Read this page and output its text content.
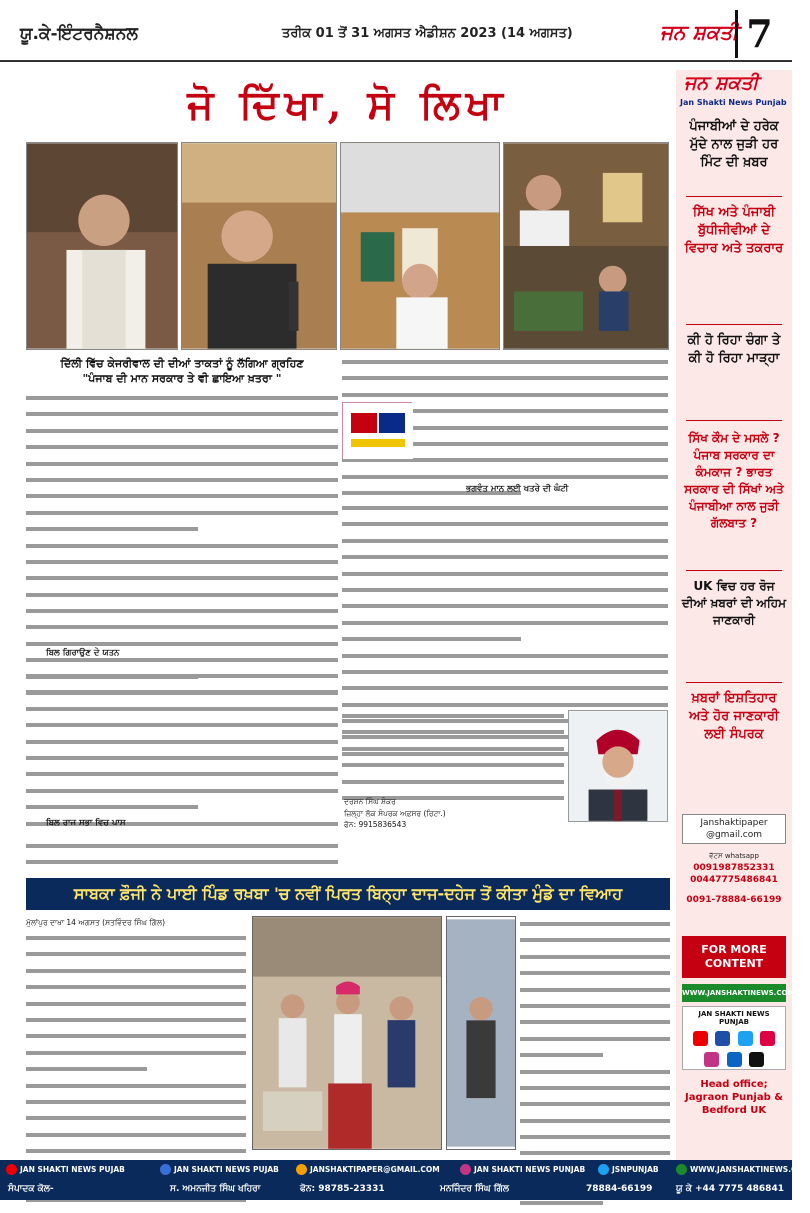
ਯੂ.ਕੇ-ਇੰਟਰਨੈਸ਼ਨਲ	ਤਰੀਕ 01 ਤੋਂ 31 ਅਗਸਤ ਐਡੀਸ਼ਨ 2023 (14 ਅਗਸਤ)	ਜਨ ਸ਼ਕਤੀ 7
ਜੋ ਦਿੱਖਾ, ਸੋ ਲਿਖਾ
ਦਿੱਲੀ ਵਿੱਚ ਕੇਜਰੀਵਾਲ ਦੀ ਦੀਆਂ ਤਾਕਤਾਂ ਨੂੰ ਲੱਗਿਆ ਗ੍ਰਹਿਣ
"ਪੰਜਾਬ ਦੀ ਮਾਨ ਸਰਕਾਰ ਤੇ ਵੀ ਛਾਇਆ ਖ਼ਤਰਾ "
ਬਿਲ ਗਿਰਾਉਣ ਦੇ ਯਤਨ
ਬਿਲ ਰਾਜ ਸਭਾ ਵਿਚ ਪਾਸ
ਭਗਵੰਤ ਮਾਨ ਲਈ ਖਤਰੇ ਦੀ ਘੰਟੀ
ਦਰਸ਼ਨ ਸਿੰਘ ਸ਼ੰਕਰ
ਜ਼ਿਲ੍ਹਾ ਲੋਕ ਸੰਪਰਕ ਅਫ਼ਸਰ (ਰਿਟਾ.)
ਫੋਨ: 9915836543
ਸਾਬਕਾ ਫ਼ੌਜੀ ਨੇ ਪਾਈ ਪਿੰਡ ਰਖ਼ਬਾ 'ਚ ਨਵੀਂ ਪਿਰਤ ਬਿਨ੍ਹਾ ਦਾਜ-ਦਹੇਜ ਤੋਂ ਕੀਤਾ ਮੁੰਡੇ ਦਾ ਵਿਆਹ
ਮੁੱਲਾਂਪੁਰ ਦਾਖਾ 14 ਅਗਸਤ (ਸਤਵਿੰਦਰ ਸਿੰਘ ਗਿੱਲ)
ਜਨ ਸ਼ਕਤੀ
Jan Shakti News Punjab
ਪੰਜਾਬੀਆਂ ਦੇ ਹਰੇਕ ਮੁੱਦੇ ਨਾਲ ਜੁੜੀ ਹਰ ਮਿੰਟ ਦੀ ਖ਼ਬਰ
ਸਿੱਖ ਅਤੇ ਪੰਜਾਬੀ ਬੁੱਧੀਜੀਵੀਆਂ ਦੇ ਵਿਚਾਰ ਅਤੇ ਤਕਰਾਰ
ਕੀ ਹੋ ਰਿਹਾ ਚੰਗਾ ਤੇ ਕੀ ਹੋ ਰਿਹਾ ਮਾੜ੍ਹਾ
ਸਿੱਖ ਕੌਮ ਦੇ ਮਸਲੇ ? ਪੰਜਾਬ ਸਰਕਾਰ ਦਾ ਕੰਮਕਾਜ ? ਭਾਰਤ ਸਰਕਾਰ ਦੀ ਸਿੱਖਾਂ ਅਤੇ ਪੰਜਾਬੀਆ ਨਾਲ ਜੁੜੀ ਗੱਲਬਾਤ ?
UK ਵਿਚ ਹਰ ਰੋਜ ਦੀਆਂ ਖ਼ਬਰਾਂ ਦੀ ਅਹਿਮ ਜਾਣਕਾਰੀ
ਖ਼ਬਰਾਂ ਇਸ਼ਤਿਹਾਰ ਅਤੇ ਹੋਰ ਜਾਣਕਾਰੀ ਲਈ ਸੰਪਰਕ
Janshaktipaper @gmail.com
ਵੱਟਸ whatsapp
0091987852331
00447775486841
0091-78884-66199
FOR MORE CONTENT
WWW.JANSHAKTINEWS.COM
JAN SHAKTI NEWS PUNJAB

Head office; Jagraon Punjab & Bedford UK
JAN SHAKTI NEWS PUJAB	JAN SHAKTI NEWS PUJAB	JANSHAKTIPAPER@GMAIL.COM	JAN SHAKTI NEWS PUNJAB	JSNPUNJAB	WWW.JANSHAKTINEWS.COM
ਸੰਪਾਦਕ ਕੋਲ-	ਸ. ਅਮਨਜੀਤ ਸਿੰਘ ਖਹਿਰਾ	ਫੋਨ: 98785-23331	ਮਨਜਿੰਦਰ ਸਿੰਘ ਗਿੱਲ	78884-66199	ਯੂ ਕੇ +44 7775 486841
